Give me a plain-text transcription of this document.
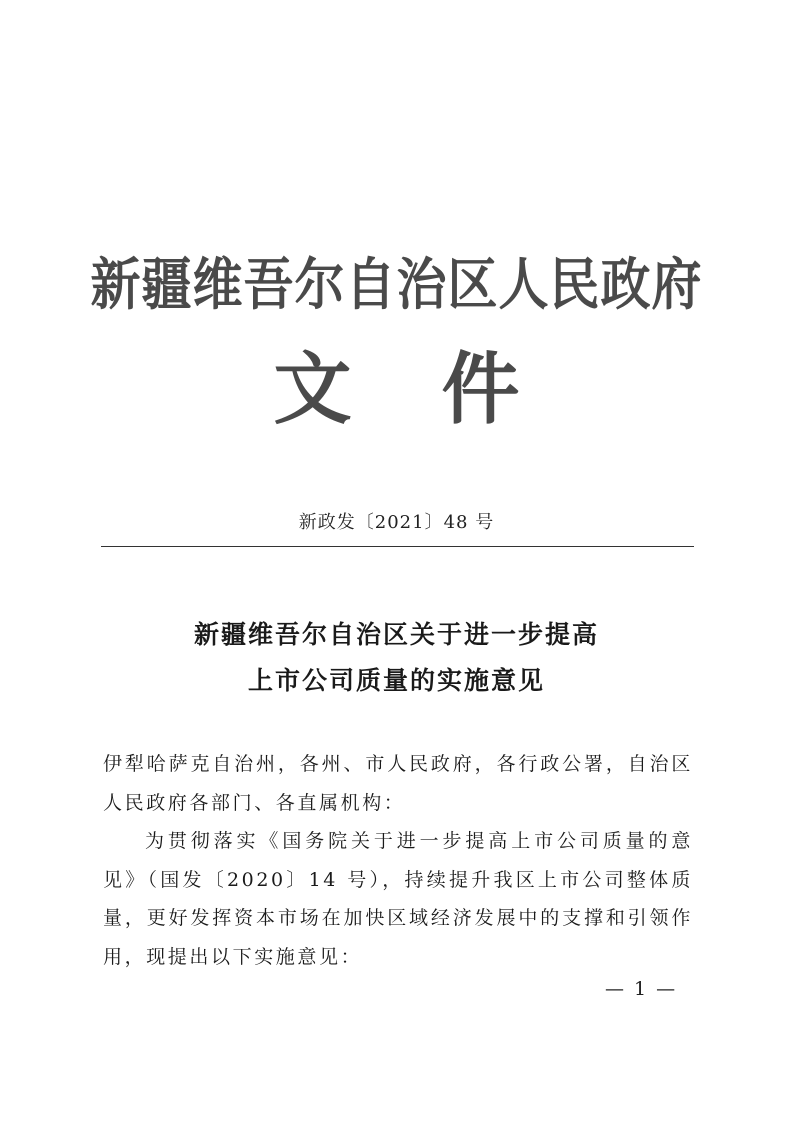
新疆维吾尔自治区人民政府
文件
新政发〔2021〕48 号
新疆维吾尔自治区关于进一步提高
上市公司质量的实施意见

伊犁哈萨克自治州，各州、市人民政府，各行政公署，自治区人民政府各部门、各直属机构：

为贯彻落实《国务院关于进一步提高上市公司质量的意见》（国发〔2020〕14 号），持续提升我区上市公司整体质量，更好发挥资本市场在加快区域经济发展中的支撑和引领作用，现提出以下实施意见：

— 1 —
